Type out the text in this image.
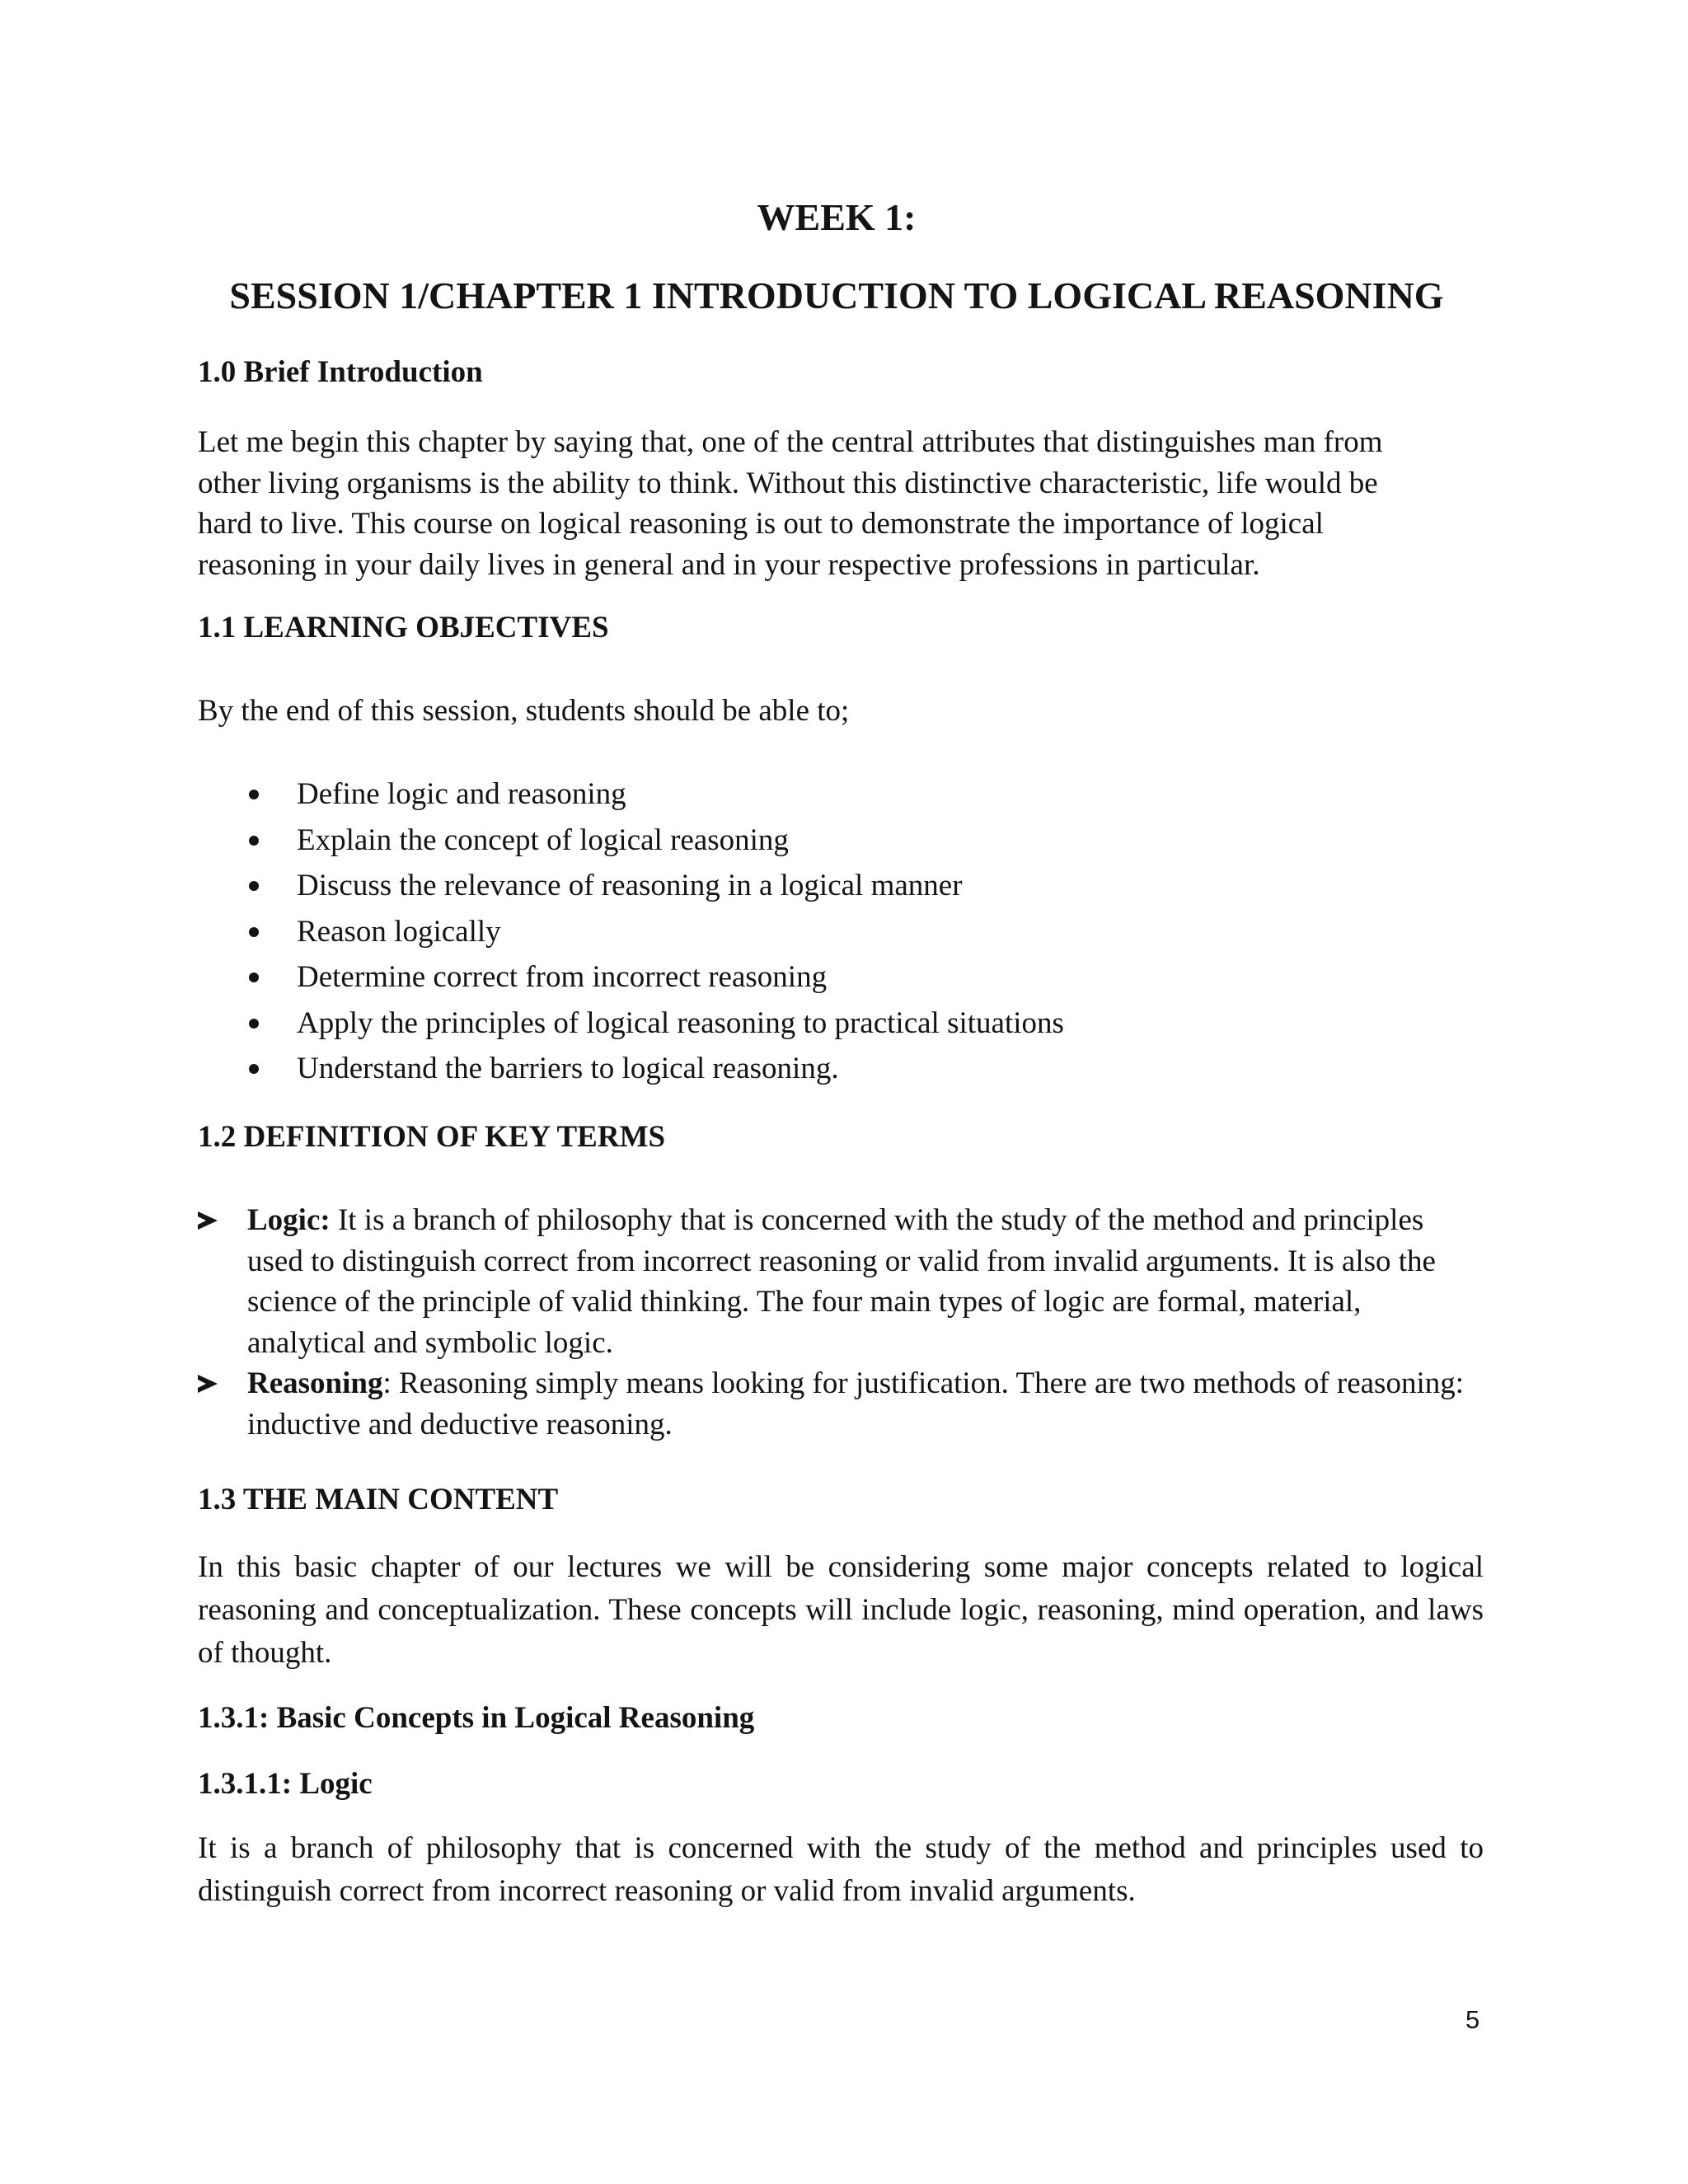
WEEK 1:
SESSION 1/CHAPTER 1 INTRODUCTION TO LOGICAL REASONING
1.0 Brief Introduction
Let me begin this chapter by saying that, one of the central attributes that distinguishes man from
other living organisms is the ability to think. Without this distinctive characteristic, life would be
hard to live. This course on logical reasoning is out to demonstrate the importance of logical
reasoning in your daily lives in general and in your respective professions in particular.
1.1 LEARNING OBJECTIVES

By the end of this session, students should be able to;

Define logic and reasoning
Explain the concept of logical reasoning
Discuss the relevance of reasoning in a logical manner
Reason logically
Determine correct from incorrect reasoning
Apply the principles of logical reasoning to practical situations
Understand the barriers to logical reasoning.
1.2 DEFINITION OF KEY TERMS
Logic: It is a branch of philosophy that is concerned with the study of the method and principles used to distinguish correct from incorrect reasoning or valid from invalid arguments. It is also the science of the principle of valid thinking. The four main types of logic are formal, material, analytical and symbolic logic.
Reasoning: Reasoning simply means looking for justification. There are two methods of reasoning: inductive and deductive reasoning.
1.3 THE MAIN CONTENT

In this basic chapter of our lectures we will be considering some major concepts related to logical reasoning and conceptualization. These concepts will include logic, reasoning, mind operation, and laws of thought.

1.3.1: Basic Concepts in Logical Reasoning
1.3.1.1: Logic

It is a branch of philosophy that is concerned with the study of the method and principles used to distinguish correct from incorrect reasoning or valid from invalid arguments.

5
